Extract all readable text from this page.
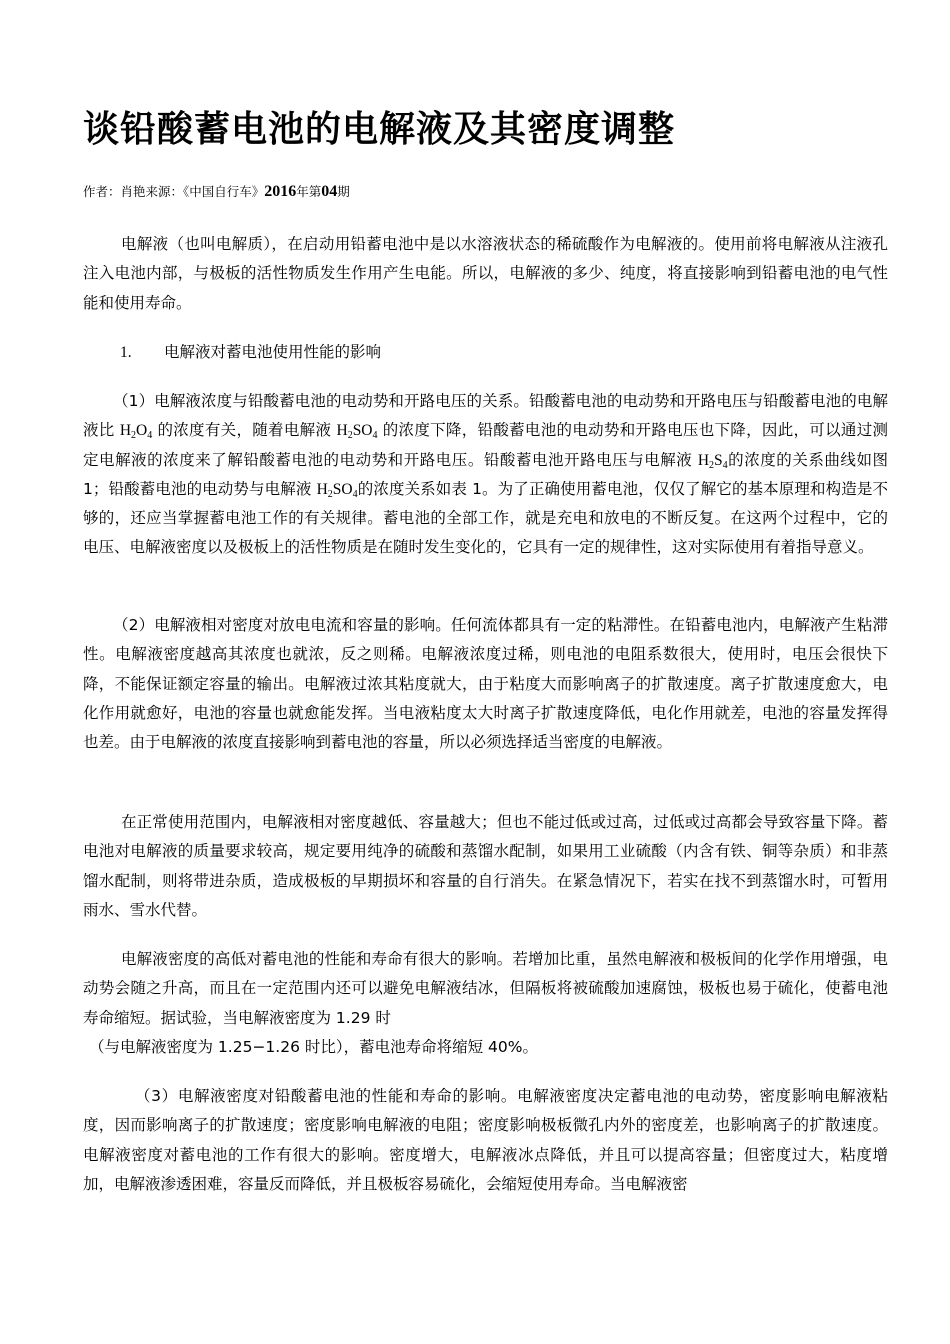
谈铅酸蓄电池的电解液及其密度调整
作者：肖艳来源：《中国自行车》2016年第04期

电解液（也叫电解质），在启动用铅蓄电池中是以水溶液状态的稀硫酸作为电解液的。使用前将电解液从注液孔注入电池内部，与极板的活性物质发生作用产生电能。所以，电解液的多少、纯度，将直接影响到铅蓄电池的电气性能和使用寿命。

1. 电解液对蓄电池使用性能的影响

（1）电解液浓度与铅酸蓄电池的电动势和开路电压的关系。铅酸蓄电池的电动势和开路电压与铅酸蓄电池的电解液比 $H_2O_4$ 的浓度有关，随着电解液 $H_2SO_4$ 的浓度下降，铅酸蓄电池的电动势和开路电压也下降，因此，可以通过测定电解液的浓度来了解铅酸蓄电池的电动势和开路电压。铅酸蓄电池开路电压与电解液 $H_2S_4$的浓度的关系曲线如图 1；铅酸蓄电池的电动势与电解液 $H_2SO_4$的浓度关系如表 1。为了正确使用蓄电池，仅仅了解它的基本原理和构造是不够的，还应当掌握蓄电池工作的有关规律。蓄电池的全部工作，就是充电和放电的不断反复。在这两个过程中，它的电压、电解液密度以及极板上的活性物质是在随时发生变化的，它具有一定的规律性，这对实际使用有着指导意义。

（2）电解液相对密度对放电电流和容量的影响。任何流体都具有一定的粘滞性。在铅蓄电池内，电解液产生粘滞性。电解液密度越高其浓度也就浓，反之则稀。电解液浓度过稀，则电池的电阻系数很大，使用时，电压会很快下降，不能保证额定容量的输出。电解液过浓其粘度就大，由于粘度大而影响离子的扩散速度。离子扩散速度愈大，电化作用就愈好，电池的容量也就愈能发挥。当电液粘度太大时离子扩散速度降低，电化作用就差，电池的容量发挥得也差。由于电解液的浓度直接影响到蓄电池的容量，所以必须选择适当密度的电解液。

在正常使用范围内，电解液相对密度越低、容量越大；但也不能过低或过高，过低或过高都会导致容量下降。蓄电池对电解液的质量要求较高，规定要用纯净的硫酸和蒸馏水配制，如果用工业硫酸（内含有铁、铜等杂质）和非蒸馏水配制，则将带进杂质，造成极板的早期损坏和容量的自行消失。在紧急情况下，若实在找不到蒸馏水时，可暂用雨水、雪水代替。

电解液密度的高低对蓄电池的性能和寿命有很大的影响。若增加比重，虽然电解液和极板间的化学作用增强，电动势会随之升高，而且在一定范围内还可以避免电解液结冰，但隔板将被硫酸加速腐蚀，极板也易于硫化，使蓄电池寿命缩短。据试验，当电解液密度为 1.29 时
（与电解液密度为 1.25−1.26 时比），蓄电池寿命将缩短 40%。

（3）电解液密度对铅酸蓄电池的性能和寿命的影响。电解液密度决定蓄电池的电动势，密度影响电解液粘度，因而影响离子的扩散速度；密度影响电解液的电阻；密度影响极板微孔内外的密度差，也影响离子的扩散速度。电解液密度对蓄电池的工作有很大的影响。密度增大，电解液冰点降低，并且可以提高容量；但密度过大，粘度增加，电解液渗透困难，容量反而降低，并且极板容易硫化，会缩短使用寿命。当电解液密
